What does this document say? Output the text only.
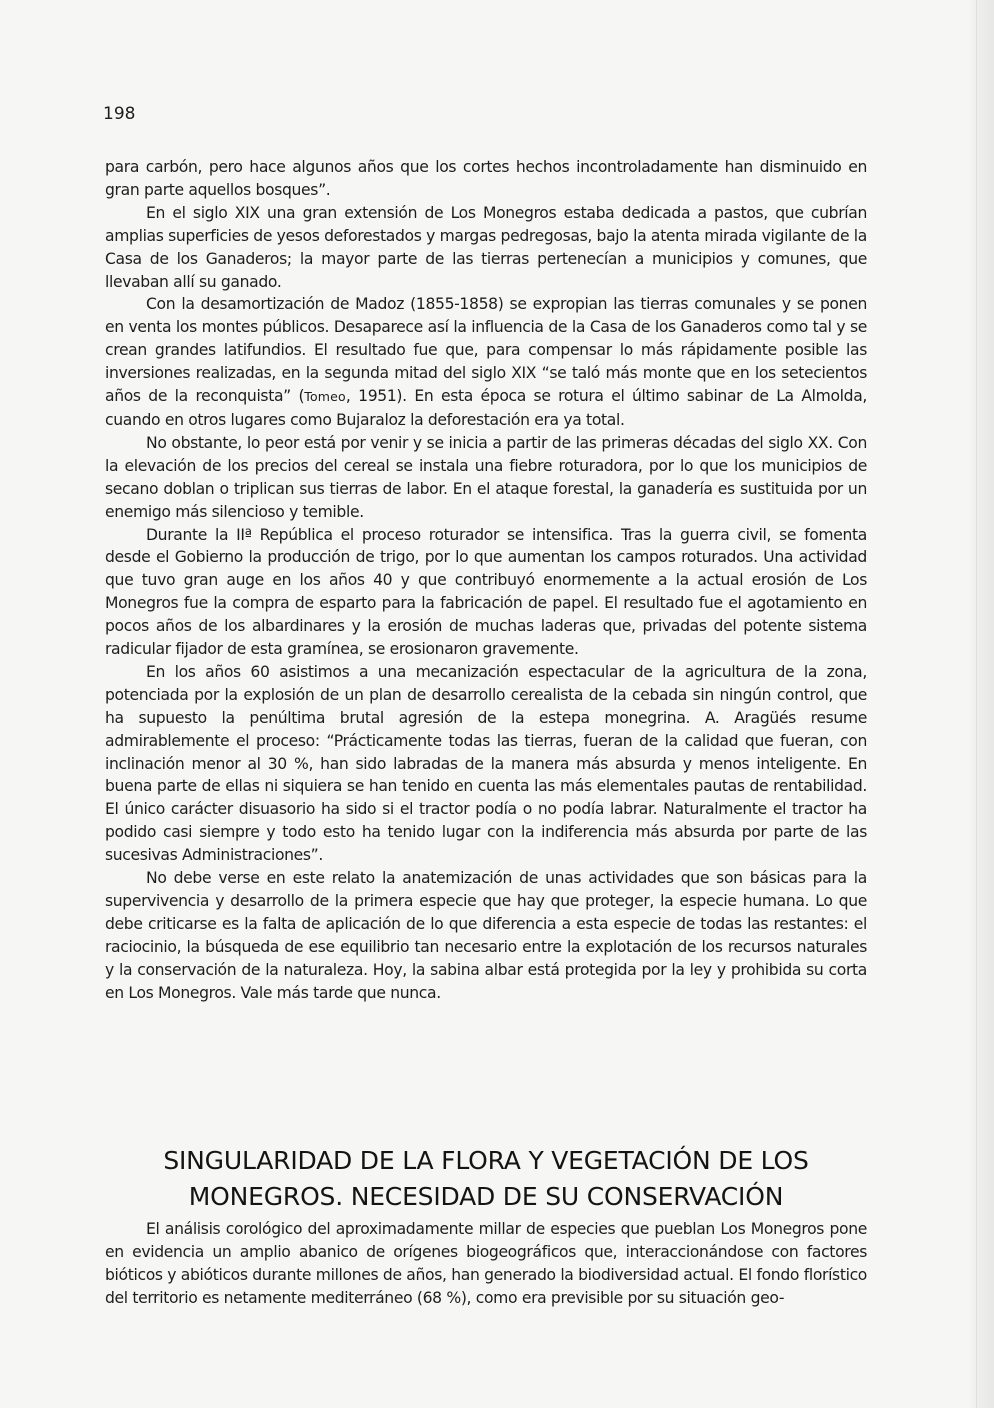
198

para carbón, pero hace algunos años que los cortes hechos incontroladamente han disminuido en gran parte aquellos bosques”.

En el siglo XIX una gran extensión de Los Monegros estaba dedicada a pastos, que cubrían amplias superficies de yesos deforestados y margas pedregosas, bajo la atenta mirada vigilante de la Casa de los Ganaderos; la mayor parte de las tierras pertenecían a municipios y comunes, que llevaban allí su ganado.

Con la desamortización de Madoz (1855-1858) se expropian las tierras comunales y se ponen en venta los montes públicos. Desaparece así la influencia de la Casa de los Ganaderos como tal y se crean grandes latifundios. El resultado fue que, para compensar lo más rápidamente posible las inversiones realizadas, en la segunda mitad del siglo XIX “se taló más monte que en los setecientos años de la reconquista” (Tomeo, 1951). En esta época se rotura el último sabinar de La Almolda, cuando en otros lugares como Bujaraloz la deforestación era ya total.

No obstante, lo peor está por venir y se inicia a partir de las primeras décadas del siglo XX. Con la elevación de los precios del cereal se instala una fiebre roturadora, por lo que los municipios de secano doblan o triplican sus tierras de labor. En el ataque forestal, la ganadería es sustituida por un enemigo más silencioso y temible.

Durante la IIª República el proceso roturador se intensifica. Tras la guerra civil, se fomenta desde el Gobierno la producción de trigo, por lo que aumentan los campos roturados. Una actividad que tuvo gran auge en los años 40 y que contribuyó enormemente a la actual erosión de Los Monegros fue la compra de esparto para la fabricación de papel. El resultado fue el agotamiento en pocos años de los albardinares y la erosión de muchas laderas que, privadas del potente sistema radicular fijador de esta gramínea, se erosionaron gravemente.

En los años 60 asistimos a una mecanización espectacular de la agricultura de la zona, potenciada por la explosión de un plan de desarrollo cerealista de la cebada sin ningún control, que ha supuesto la penúltima brutal agresión de la estepa monegrina. A. Aragüés resume admirablemente el proceso: “Prácticamente todas las tierras, fueran de la calidad que fueran, con inclinación menor al 30 %, han sido labradas de la manera más absurda y menos inteligente. En buena parte de ellas ni siquiera se han tenido en cuenta las más elementales pautas de rentabilidad. El único carácter disuasorio ha sido si el tractor podía o no podía labrar. Naturalmente el tractor ha podido casi siempre y todo esto ha tenido lugar con la indiferencia más absurda por parte de las sucesivas Administraciones”.

No debe verse en este relato la anatemización de unas actividades que son básicas para la supervivencia y desarrollo de la primera especie que hay que proteger, la especie humana. Lo que debe criticarse es la falta de aplicación de lo que diferencia a esta especie de todas las restantes: el raciocinio, la búsqueda de ese equilibrio tan necesario entre la explotación de los recursos naturales y la conservación de la naturaleza. Hoy, la sabina albar está protegida por la ley y prohibida su corta en Los Monegros. Vale más tarde que nunca.

SINGULARIDAD DE LA FLORA Y VEGETACIÓN DE LOS
MONEGROS. NECESIDAD DE SU CONSERVACIÓN

El análisis corológico del aproximadamente millar de especies que pueblan Los Monegros pone en evidencia un amplio abanico de orígenes biogeográficos que, interaccionándose con factores bióticos y abióticos durante millones de años, han generado la biodiversidad actual. El fondo florístico del territorio es netamente mediterráneo (68 %), como era previsible por su situación geo-
